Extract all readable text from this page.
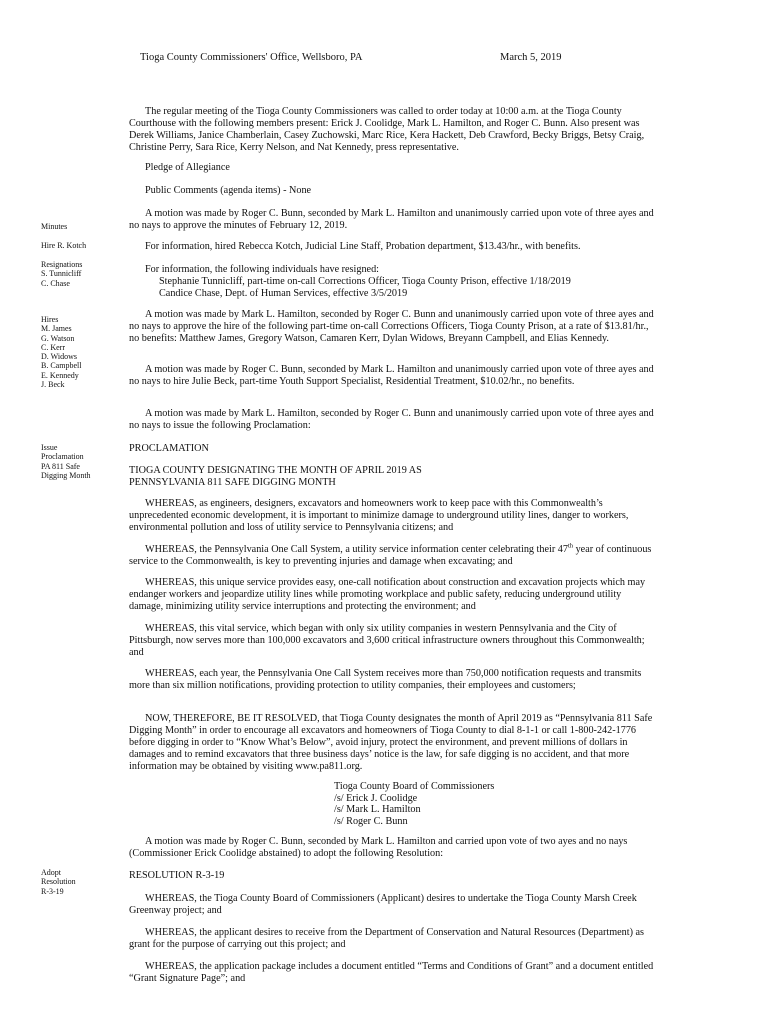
Tioga County Commissioners' Office, Wellsboro, PA	March 5, 2019
Minutes
Hire R. Kotch
Resignations
S. Tunnicliff
C. Chase
Hires
M. James
G. Watson
C. Kerr
D. Widows
B. Campbell
E. Kennedy
J. Beck
Issue
Proclamation
PA 811 Safe
Digging Month
Adopt
Resolution
R-3-19

The regular meeting of the Tioga County Commissioners was called to order today at 10:00 a.m. at the Tioga County Courthouse with the following members present: Erick J. Coolidge, Mark L. Hamilton, and Roger C. Bunn. Also present was Derek Williams, Janice Chamberlain, Casey Zuchowski, Marc Rice, Kera Hackett, Deb Crawford, Becky Briggs, Betsy Craig, Christine Perry, Sara Rice, Kerry Nelson, and Nat Kennedy, press representative.

Pledge of Allegiance

Public Comments (agenda items) - None

A motion was made by Roger C. Bunn, seconded by Mark L. Hamilton and unanimously carried upon vote of three ayes and no nays to approve the minutes of February 12, 2019.

For information, hired Rebecca Kotch, Judicial Line Staff, Probation department, $13.43/hr., with benefits.

For information, the following individuals have resigned:

Stephanie Tunnicliff, part-time on-call Corrections Officer, Tioga County Prison, effective 1/18/2019

Candice Chase, Dept. of Human Services, effective 3/5/2019

A motion was made by Mark L. Hamilton, seconded by Roger C. Bunn and unanimously carried upon vote of three ayes and no nays to approve the hire of the following part-time on-call Corrections Officers, Tioga County Prison, at a rate of $13.81/hr., no benefits: Matthew James, Gregory Watson, Camaren Kerr, Dylan Widows, Breyann Campbell, and Elias Kennedy.

A motion was made by Roger C. Bunn, seconded by Mark L. Hamilton and unanimously carried upon vote of three ayes and no nays to hire Julie Beck, part-time Youth Support Specialist, Residential Treatment, $10.02/hr., no benefits.

A motion was made by Mark L. Hamilton, seconded by Roger C. Bunn and unanimously carried upon vote of three ayes and no nays to issue the following Proclamation:

PROCLAMATION

TIOGA COUNTY DESIGNATING THE MONTH OF APRIL 2019 AS

PENNSYLVANIA 811 SAFE DIGGING MONTH

WHEREAS, as engineers, designers, excavators and homeowners work to keep pace with this Commonwealth’s unprecedented economic development, it is important to minimize damage to underground utility lines, danger to workers, environmental pollution and loss of utility service to Pennsylvania citizens; and

WHEREAS, the Pennsylvania One Call System, a utility service information center celebrating their 47th year of continuous service to the Commonwealth, is key to preventing injuries and damage when excavating; and

WHEREAS, this unique service provides easy, one-call notification about construction and excavation projects which may endanger workers and jeopardize utility lines while promoting workplace and public safety, reducing underground utility damage, minimizing utility service interruptions and protecting the environment; and

WHEREAS, this vital service, which began with only six utility companies in western Pennsylvania and the City of Pittsburgh, now serves more than 100,000 excavators and 3,600 critical infrastructure owners throughout this Commonwealth; and

WHEREAS, each year, the Pennsylvania One Call System receives more than 750,000 notification requests and transmits more than six million notifications, providing protection to utility companies, their employees and customers;

NOW, THEREFORE, BE IT RESOLVED, that Tioga County designates the month of April 2019 as “Pennsylvania 811 Safe Digging Month” in order to encourage all excavators and homeowners of Tioga County to dial 8-1-1 or call 1-800-242-1776 before digging in order to “Know What’s Below”, avoid injury, protect the environment, and prevent millions of dollars in damages and to remind excavators that three business days’ notice is the law, for safe digging is no accident, and that more information may be obtained by visiting www.pa811.org.

Tioga County Board of Commissioners
/s/ Erick J. Coolidge
/s/ Mark L. Hamilton
/s/ Roger C. Bunn

A motion was made by Roger C. Bunn, seconded by Mark L. Hamilton and carried upon vote of two ayes and no nays (Commissioner Erick Coolidge abstained) to adopt the following Resolution:

RESOLUTION R-3-19

WHEREAS, the Tioga County Board of Commissioners (Applicant) desires to undertake the Tioga County Marsh Creek Greenway project; and

WHEREAS, the applicant desires to receive from the Department of Conservation and Natural Resources (Department) as grant for the purpose of carrying out this project; and

WHEREAS, the application package includes a document entitled “Terms and Conditions of Grant” and a document entitled “Grant Signature Page”; and
